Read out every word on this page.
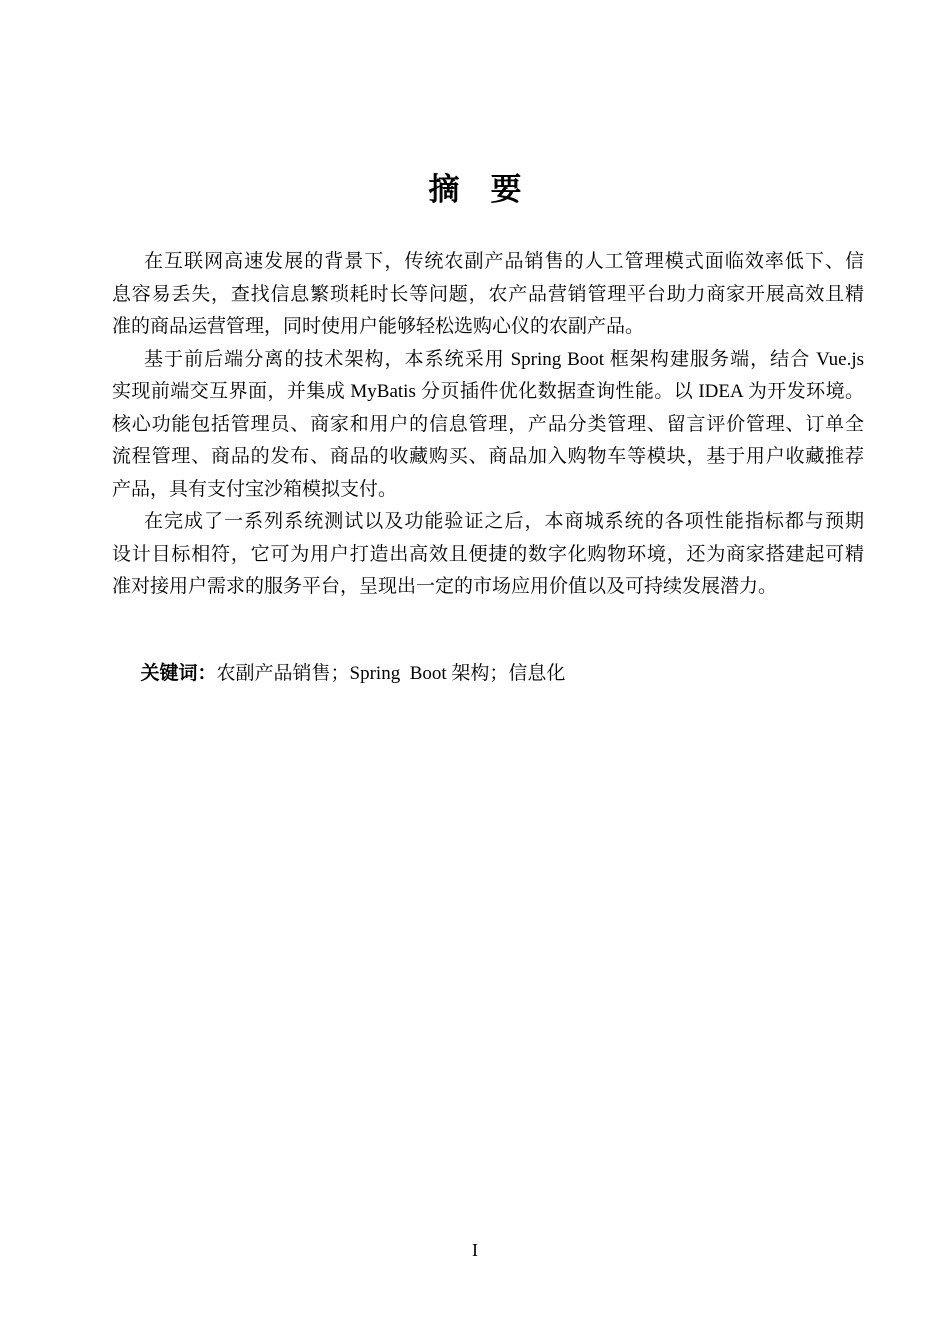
摘　要

在互联网高速发展的背景下，传统农副产品销售的人工管理模式面临效率低下、信
息容易丢失，查找信息繁琐耗时长等问题，农产品营销管理平台助力商家开展高效且精
准的商品运营管理，同时使用户能够轻松选购心仪的农副产品。

基于前后端分离的技术架构，本系统采用 Spring Boot 框架构建服务端，结合 Vue.js
实现前端交互界面，并集成 MyBatis 分页插件优化数据查询性能。以 IDEA 为开发环境。
核心功能包括管理员、商家和用户的信息管理，产品分类管理、留言评价管理、订单全
流程管理、商品的发布、商品的收藏购买、商品加入购物车等模块，基于用户收藏推荐
产品，具有支付宝沙箱模拟支付。

在完成了一系列系统测试以及功能验证之后，本商城系统的各项性能指标都与预期
设计目标相符，它可为用户打造出高效且便捷的数字化购物环境，还为商家搭建起可精
准对接用户需求的服务平台，呈现出一定的市场应用价值以及可持续发展潜力。

关键词：农副产品销售；Spring  Boot 架构；信息化

I
